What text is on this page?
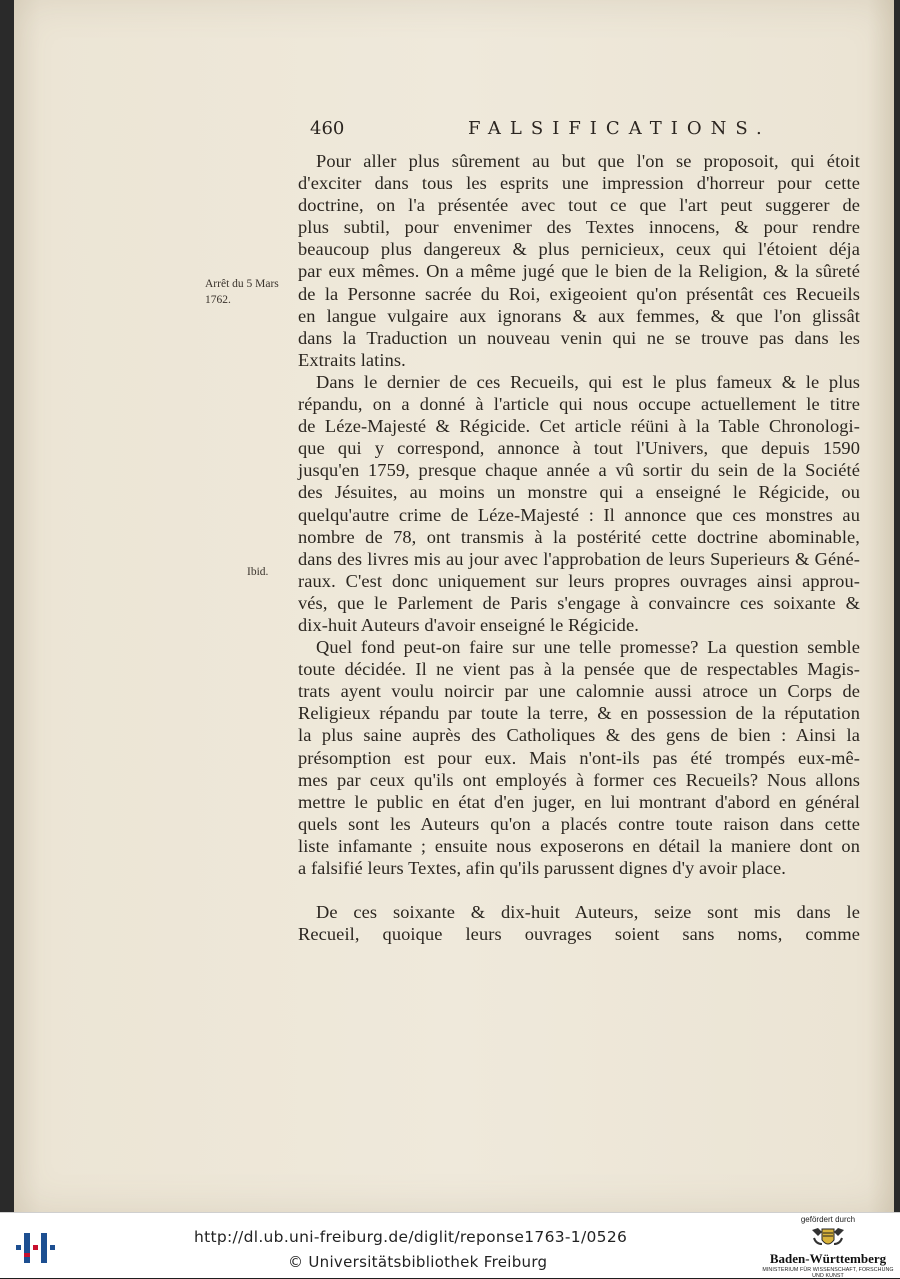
460	FALSIFICATIONS.
Arrêt du 5 Mars
1762.
Ibid.
Pour aller plus sûrement au but que l'on se proposoit, qui étoit
d'exciter dans tous les esprits une impression d'horreur pour cette
doctrine, on l'a présentée avec tout ce que l'art peut suggerer de
plus subtil, pour envenimer des Textes innocens, & pour rendre
beaucoup plus dangereux & plus pernicieux, ceux qui l'étoient déja
par eux mêmes. On a même jugé que le bien de la Religion, & la sûreté
de la Personne sacrée du Roi, exigeoient qu'on présentât ces Recueils
en langue vulgaire aux ignorans & aux femmes, & que l'on glissât
dans la Traduction un nouveau venin qui ne se trouve pas dans les
Extraits latins.
Dans le dernier de ces Recueils, qui est le plus fameux & le plus
répandu, on a donné à l'article qui nous occupe actuellement le titre
de Léze-Majesté & Régicide. Cet article réüni à la Table Chronologi-
que qui y correspond, annonce à tout l'Univers, que depuis 1590
jusqu'en 1759, presque chaque année a vû sortir du sein de la Société
des Jésuites, au moins un monstre qui a enseigné le Régicide, ou
quelqu'autre crime de Léze-Majesté : Il annonce que ces monstres au
nombre de 78, ont transmis à la postérité cette doctrine abominable,
dans des livres mis au jour avec l'approbation de leurs Superieurs & Géné-
raux. C'est donc uniquement sur leurs propres ouvrages ainsi approu-
vés, que le Parlement de Paris s'engage à convaincre ces soixante &
dix-huit Auteurs d'avoir enseigné le Régicide.
Quel fond peut-on faire sur une telle promesse? La question semble
toute décidée. Il ne vient pas à la pensée que de respectables Magis-
trats ayent voulu noircir par une calomnie aussi atroce un Corps de
Religieux répandu par toute la terre, & en possession de la réputation
la plus saine auprès des Catholiques & des gens de bien : Ainsi la
présomption est pour eux. Mais n'ont-ils pas été trompés eux-mê-
mes par ceux qu'ils ont employés à former ces Recueils? Nous allons
mettre le public en état d'en juger, en lui montrant d'abord en général
quels sont les Auteurs qu'on a placés contre toute raison dans cette
liste infamante ; ensuite nous exposerons en détail la maniere dont on
a falsifié leurs Textes, afin qu'ils parussent dignes d'y avoir place.
De ces soixante & dix-huit Auteurs, seize sont mis dans le
Recueil, quoique leurs ouvrages soient sans noms, comme
http://dl.ub.uni-freiburg.de/diglit/reponse1763-1/0526
© Universitätsbibliothek Freiburg
gefördert durch
Baden-Württemberg
MINISTERIUM FÜR WISSENSCHAFT, FORSCHUNG UND KUNST
